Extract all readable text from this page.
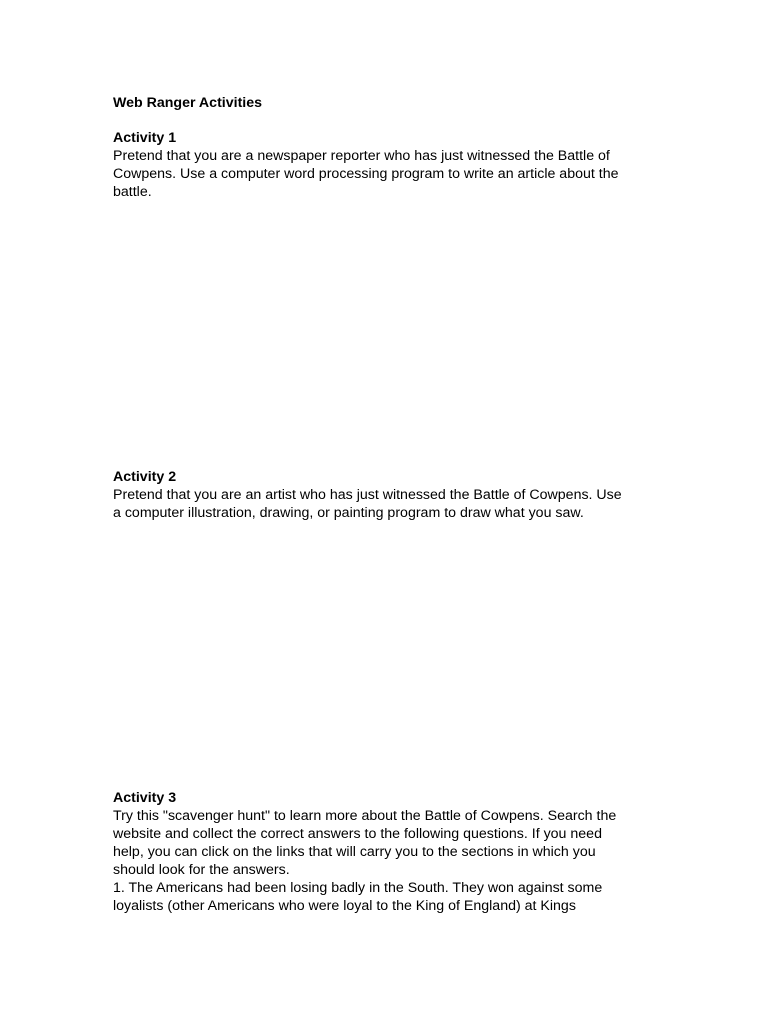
Web Ranger Activities
Activity 1
Pretend that you are a newspaper reporter who has just witnessed the Battle of
Cowpens. Use a computer word processing program to write an article about the
battle.
Activity 2
Pretend that you are an artist who has just witnessed the Battle of Cowpens. Use
a computer illustration, drawing, or painting program to draw what you saw.
Activity 3
Try this "scavenger hunt" to learn more about the Battle of Cowpens. Search the
website and collect the correct answers to the following questions. If you need
help, you can click on the links that will carry you to the sections in which you
should look for the answers.
1. The Americans had been losing badly in the South. They won against some
loyalists (other Americans who were loyal to the King of England) at Kings
